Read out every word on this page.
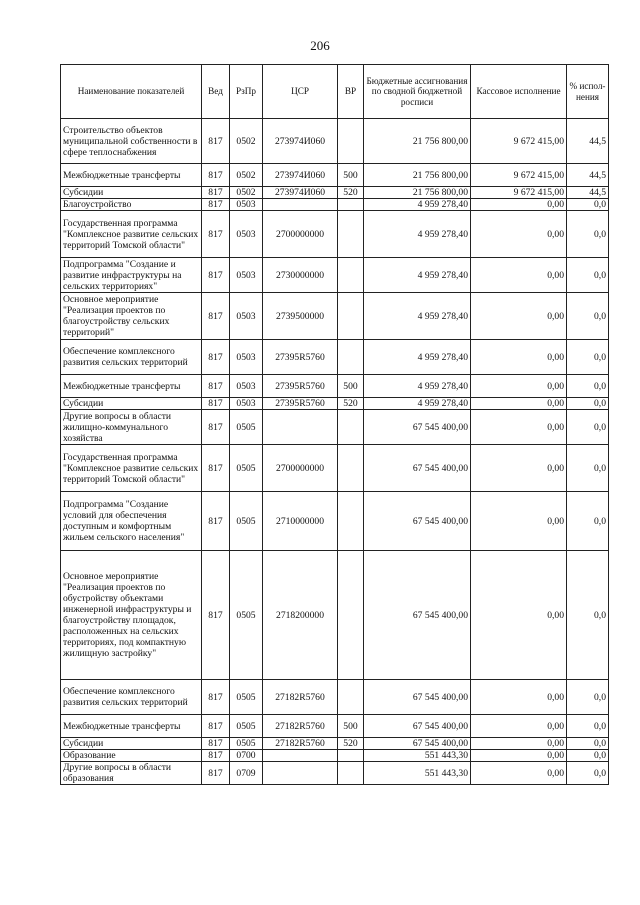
206
Наименование показателей	Вед	РзПр	ЦСР	ВР	Бюджетные ассигнования по сводной бюджетной росписи	Кассовое исполнение	% испол-нения
Строительство объектов муниципальной собственности в сфере теплоснабжения	817	0502	273974И060		21 756 800,00	9 672 415,00	44,5
Межбюджетные трансферты	817	0502	273974И060	500	21 756 800,00	9 672 415,00	44,5
Субсидии	817	0502	273974И060	520	21 756 800,00	9 672 415,00	44,5
Благоустройство	817	0503			4 959 278,40	0,00	0,0
Государственная программа "Комплексное развитие сельских территорий Томской области"	817	0503	2700000000		4 959 278,40	0,00	0,0
Подпрограмма "Создание и развитие инфраструктуры на сельских территориях"	817	0503	2730000000		4 959 278,40	0,00	0,0
Основное мероприятие "Реализация проектов по благоустройству сельских территорий"	817	0503	2739500000		4 959 278,40	0,00	0,0
Обеспечение комплексного развития сельских территорий	817	0503	27395R5760		4 959 278,40	0,00	0,0
Межбюджетные трансферты	817	0503	27395R5760	500	4 959 278,40	0,00	0,0
Субсидии	817	0503	27395R5760	520	4 959 278,40	0,00	0,0
Другие вопросы в области жилищно-коммунального хозяйства	817	0505			67 545 400,00	0,00	0,0
Государственная программа "Комплексное развитие сельских территорий Томской области"	817	0505	2700000000		67 545 400,00	0,00	0,0
Подпрограмма "Создание условий для обеспечения доступным и комфортным жильем сельского населения"	817	0505	2710000000		67 545 400,00	0,00	0,0
Основное мероприятие "Реализация проектов по обустройству объектами инженерной инфраструктуры и благоустройству площадок, расположенных на сельских территориях, под компактную жилищную застройку"	817	0505	2718200000		67 545 400,00	0,00	0,0
Обеспечение комплексного развития сельских территорий	817	0505	27182R5760		67 545 400,00	0,00	0,0
Межбюджетные трансферты	817	0505	27182R5760	500	67 545 400,00	0,00	0,0
Субсидии	817	0505	27182R5760	520	67 545 400,00	0,00	0,0
Образование	817	0700			551 443,30	0,00	0,0
Другие вопросы в области образования	817	0709			551 443,30	0,00	0,0
